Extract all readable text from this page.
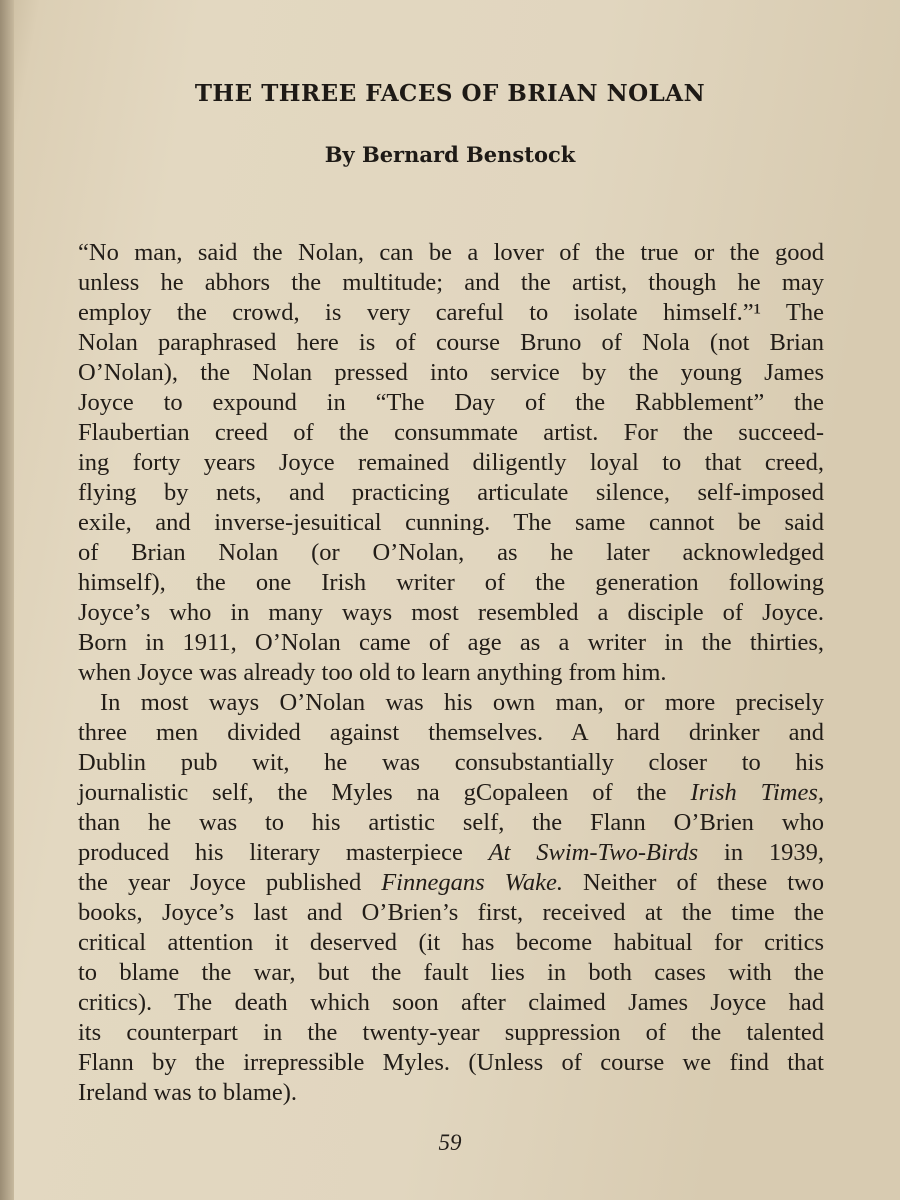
THE THREE FACES OF BRIAN NOLAN
By Bernard Benstock
“No man, said the Nolan, can be a lover of the true or the good
unless he abhors the multitude; and the artist, though he may
employ the crowd, is very careful to isolate himself.”¹ The
Nolan paraphrased here is of course Bruno of Nola (not Brian
O’Nolan), the Nolan pressed into service by the young James
Joyce to expound in “The Day of the Rabblement” the
Flaubertian creed of the consummate artist. For the succeed-
ing forty years Joyce remained diligently loyal to that creed,
flying by nets, and practicing articulate silence, self-imposed
exile, and inverse-jesuitical cunning. The same cannot be said
of Brian Nolan (or O’Nolan, as he later acknowledged
himself), the one Irish writer of the generation following
Joyce’s who in many ways most resembled a disciple of Joyce.
Born in 1911, O’Nolan came of age as a writer in the thirties,
when Joyce was already too old to learn anything from him.
In most ways O’Nolan was his own man, or more precisely
three men divided against themselves. A hard drinker and
Dublin pub wit, he was consubstantially closer to his
journalistic self, the Myles na gCopaleen of the Irish Times,
than he was to his artistic self, the Flann O’Brien who
produced his literary masterpiece At Swim-Two-Birds in 1939,
the year Joyce published Finnegans Wake. Neither of these two
books, Joyce’s last and O’Brien’s first, received at the time the
critical attention it deserved (it has become habitual for critics
to blame the war, but the fault lies in both cases with the
critics). The death which soon after claimed James Joyce had
its counterpart in the twenty-year suppression of the talented
Flann by the irrepressible Myles. (Unless of course we find that
Ireland was to blame).
59
